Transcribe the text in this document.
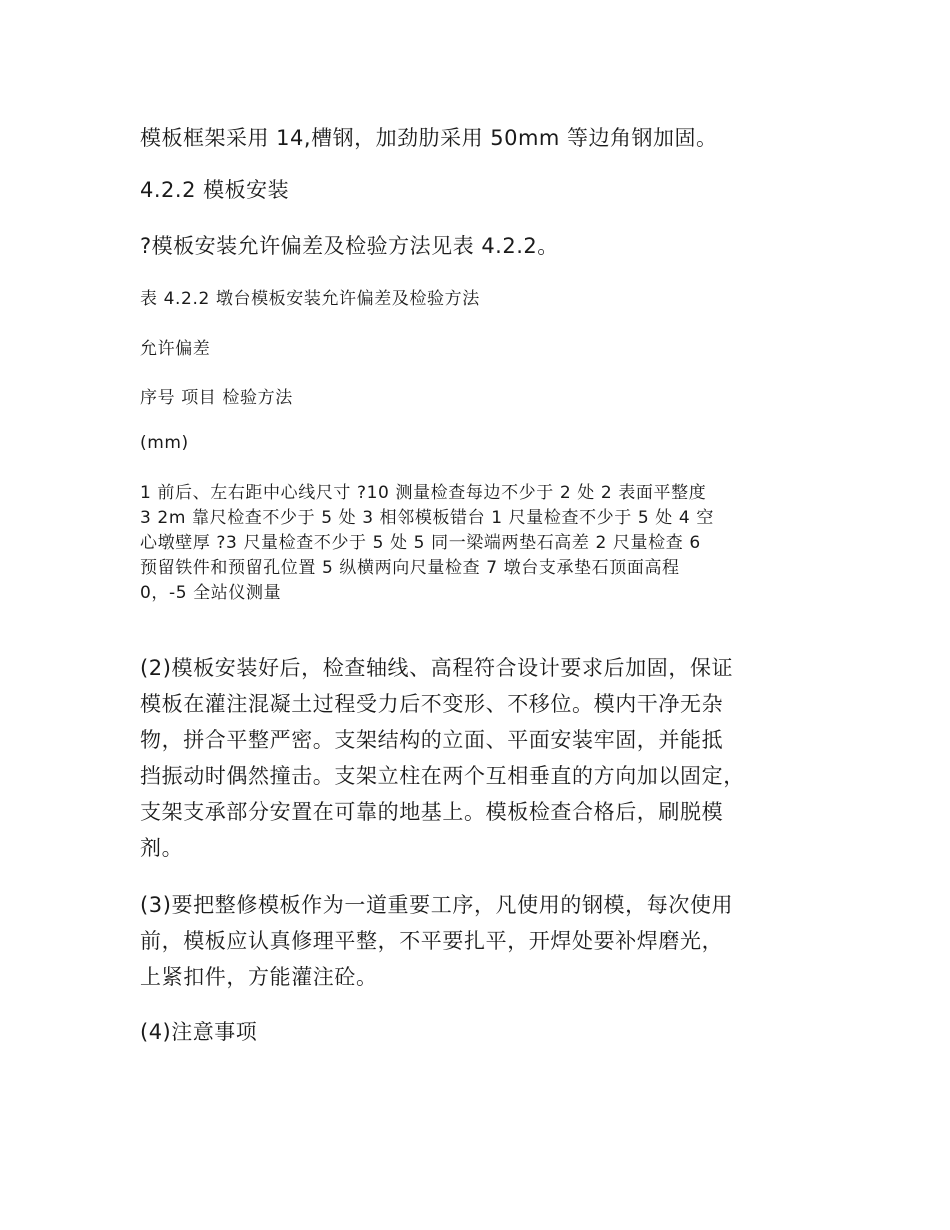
模板框架采用 14,槽钢，加劲肋采用 50mm 等边角钢加固。

4.2.2 模板安装

?模板安装允许偏差及检验方法见表 4.2.2。

表 4.2.2 墩台模板安装允许偏差及检验方法

允许偏差

序号 项目 检验方法

(mm)

1 前后、左右距中心线尺寸 ?10 测量检查每边不少于 2 处 2 表面平整度
3 2m 靠尺检查不少于 5 处 3 相邻模板错台 1 尺量检查不少于 5 处 4 空
心墩壁厚 ?3 尺量检查不少于 5 处 5 同一梁端两垫石高差 2 尺量检查 6
预留铁件和预留孔位置 5 纵横两向尺量检查 7 墩台支承垫石顶面高程
0，-5 全站仪测量
(2)模板安装好后，检查轴线、高程符合设计要求后加固，保证
模板在灌注混凝土过程受力后不变形、不移位。模内干净无杂
物，拼合平整严密。支架结构的立面、平面安装牢固，并能抵
挡振动时偶然撞击。支架立柱在两个互相垂直的方向加以固定，
支架支承部分安置在可靠的地基上。模板检查合格后，刷脱模
剂。
(3)要把整修模板作为一道重要工序，凡使用的钢模，每次使用
前，模板应认真修理平整，不平要扎平，开焊处要补焊磨光，
上紧扣件，方能灌注砼。

(4)注意事项
